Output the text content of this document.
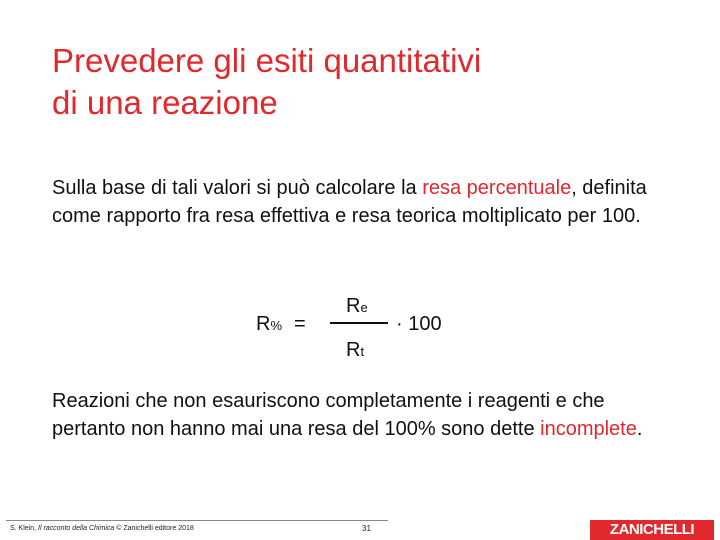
Prevedere gli esiti quantitativi
di una reazione
Sulla base di tali valori si può calcolare la resa percentuale, definita come rapporto fra resa effettiva e resa teorica moltiplicato per 100.
R% =
Re
Rt
· 100
Reazioni che non esauriscono completamente i reagenti e che pertanto non hanno mai una resa del 100% sono dette incomplete.
S. Klein, Il racconto della Chimica © Zanichelli editore 2018	31	ZANICHELLI
